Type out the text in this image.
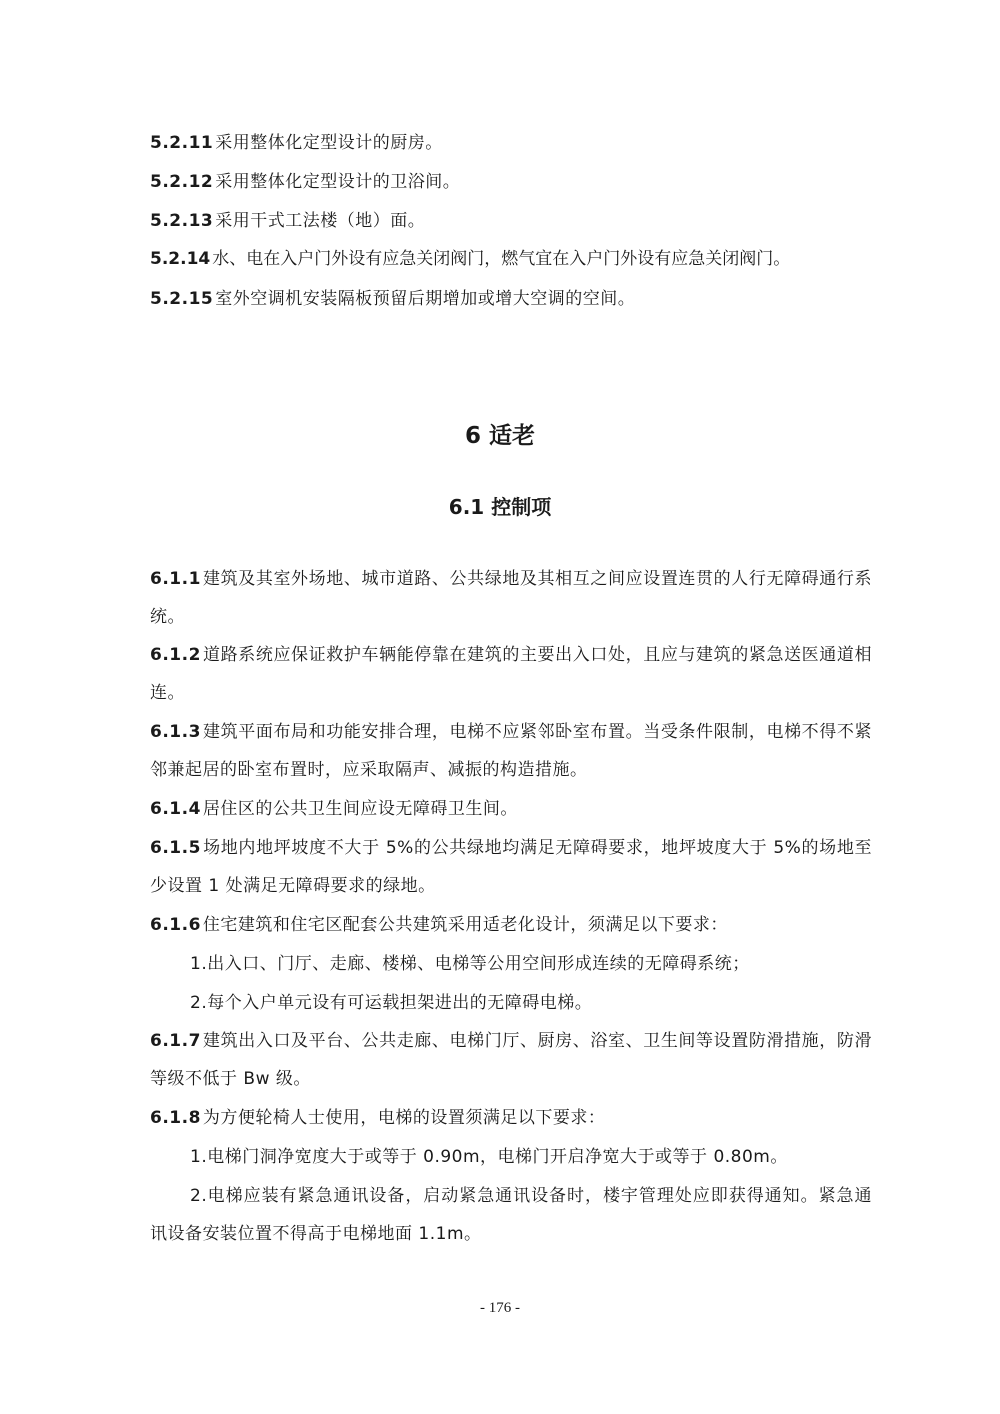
5.2.11 采用整体化定型设计的厨房。
5.2.12 采用整体化定型设计的卫浴间。
5.2.13 采用干式工法楼（地）面。
5.2.14 水、电在入户门外设有应急关闭阀门，燃气宜在入户门外设有应急关闭阀门。
5.2.15 室外空调机安装隔板预留后期增加或增大空调的空间。
6 适老
6.1 控制项
6.1.1 建筑及其室外场地、城市道路、公共绿地及其相互之间应设置连贯的人行无障碍通行系统。
6.1.2 道路系统应保证救护车辆能停靠在建筑的主要出入口处，且应与建筑的紧急送医通道相连。
6.1.3 建筑平面布局和功能安排合理，电梯不应紧邻卧室布置。当受条件限制，电梯不得不紧邻兼起居的卧室布置时，应采取隔声、减振的构造措施。
6.1.4 居住区的公共卫生间应设无障碍卫生间。
6.1.5 场地内地坪坡度不大于 5%的公共绿地均满足无障碍要求，地坪坡度大于 5%的场地至少设置 1 处满足无障碍要求的绿地。
6.1.6 住宅建筑和住宅区配套公共建筑采用适老化设计，须满足以下要求：
1.出入口、门厅、走廊、楼梯、电梯等公用空间形成连续的无障碍系统；
2.每个入户单元设有可运载担架进出的无障碍电梯。
6.1.7 建筑出入口及平台、公共走廊、电梯门厅、厨房、浴室、卫生间等设置防滑措施，防滑等级不低于 Bw 级。
6.1.8 为方便轮椅人士使用，电梯的设置须满足以下要求：
1.电梯门洞净宽度大于或等于 0.90m，电梯门开启净宽大于或等于 0.80m。
2.电梯应装有紧急通讯设备，启动紧急通讯设备时，楼宇管理处应即获得通知。紧急通讯设备安装位置不得高于电梯地面 1.1m。
- 176 -
